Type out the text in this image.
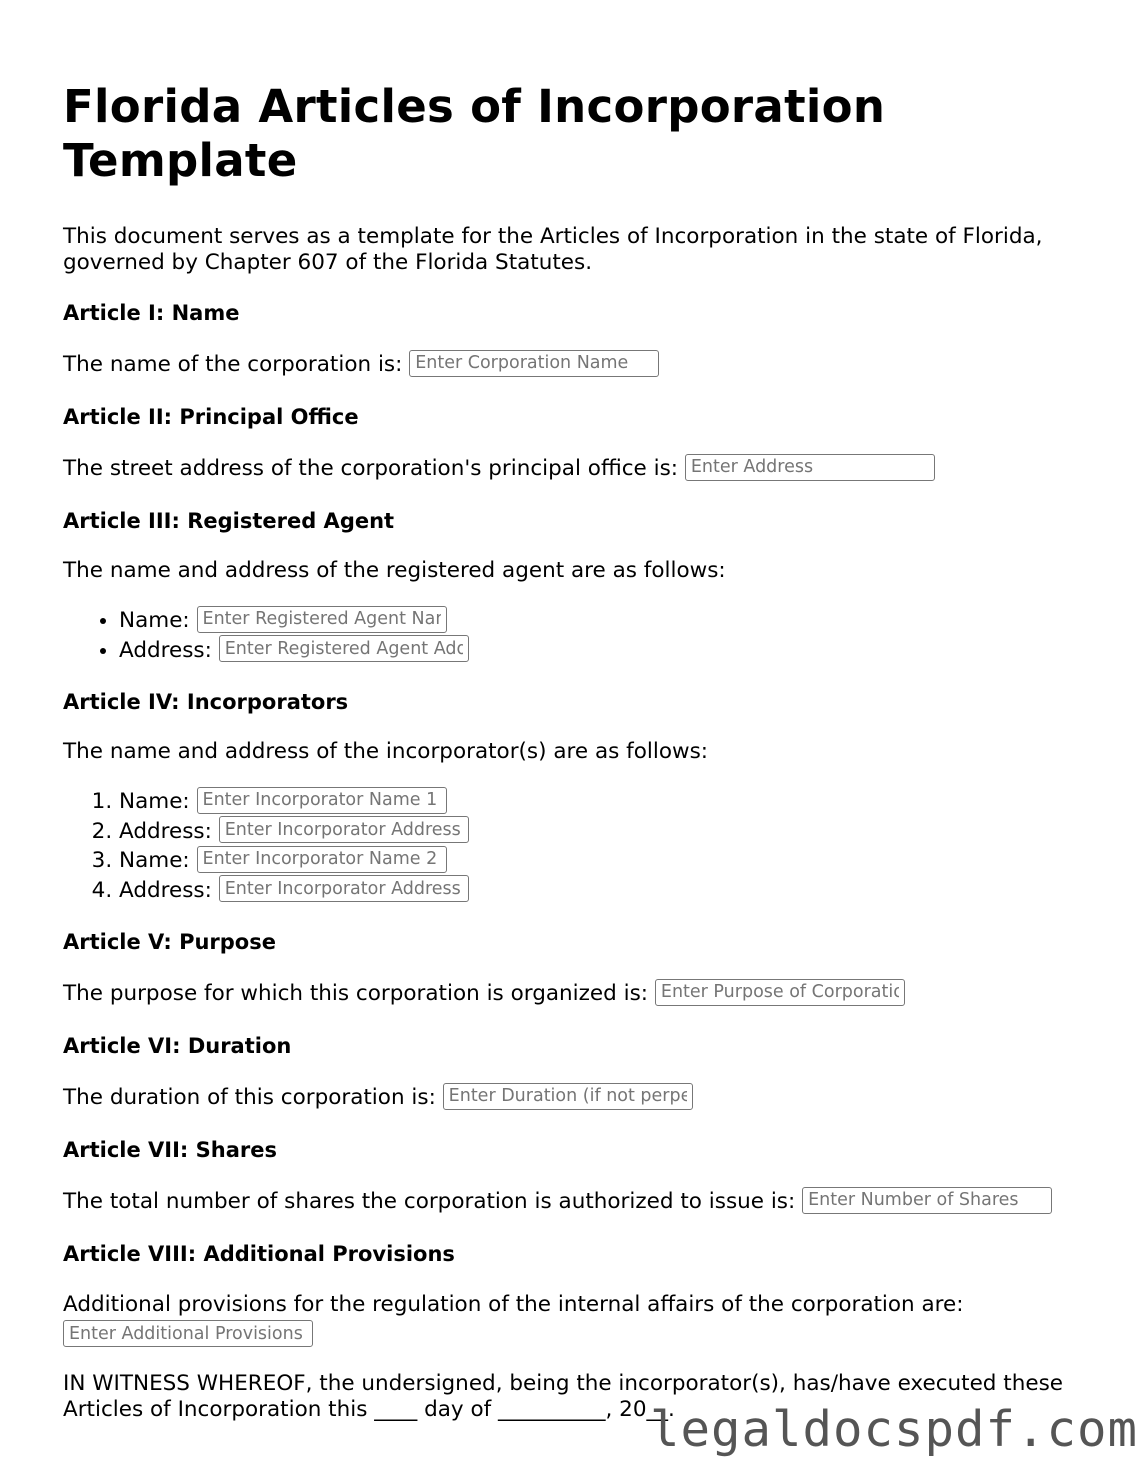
Florida Articles of Incorporation Template

This document serves as a template for the Articles of Incorporation in the state of Florida, governed by Chapter 607 of the Florida Statutes.

Article I: Name
The name of the corporation is: Enter Corporation Name
Article II: Principal Office
The street address of the corporation's principal office is: Enter Address
Article III: Registered Agent

The name and address of the registered agent are as follows:

• Name: Enter Registered Agent Name
• Address: Enter Registered Agent Address
Article IV: Incorporators

The name and address of the incorporator(s) are as follows:

1. Name: Enter Incorporator Name 1
2. Address: Enter Incorporator Address 1
3. Name: Enter Incorporator Name 2
4. Address: Enter Incorporator Address 2
Article V: Purpose
The purpose for which this corporation is organized is: Enter Purpose of Corporation
Article VI: Duration
The duration of this corporation is: Enter Duration (if not perpetual)
Article VII: Shares
The total number of shares the corporation is authorized to issue is: Enter Number of Shares
Article VIII: Additional Provisions
Additional provisions for the regulation of the internal affairs of the corporation are:
Enter Additional Provisions

IN WITNESS WHEREOF, the undersigned, being the incorporator(s), has/have executed these Articles of Incorporation this ____ day of __________, 20__.

legaldocspdf.com
